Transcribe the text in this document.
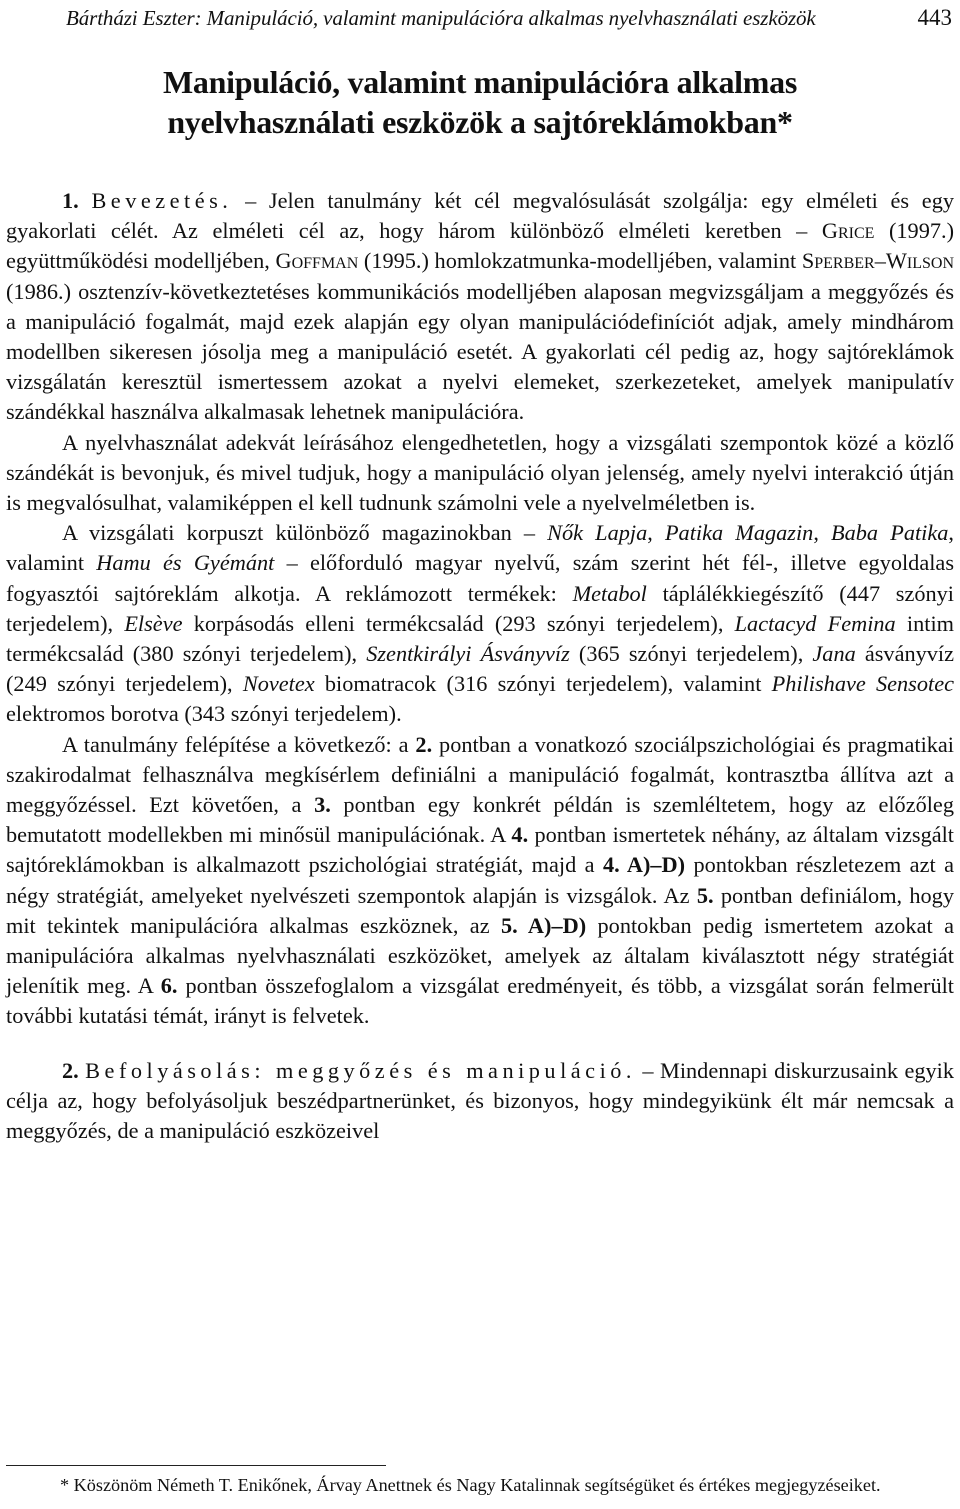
Bártházi Eszter: Manipuláció, valamint manipulációra alkalmas nyelvhasználati eszközök	443
Manipuláció, valamint manipulációra alkalmas
nyelvhasználati eszközök a sajtóreklámokban*

1. Bevezetés. – Jelen tanulmány két cél megvalósulását szolgálja: egy elméleti és egy gyakorlati célét. Az elméleti cél az, hogy három különböző elméleti keretben – Grice (1997.) együttműködési modelljében, Goffman (1995.) homlokzatmunka-modelljében, valamint Sperber–Wilson (1986.) osztenzív-következtetéses kommunikációs modelljében alaposan megvizsgáljam a meggyőzés és a manipuláció fogalmát, majd ezek alapján egy olyan manipulációdefiníciót adjak, amely mindhárom modellben sikeresen jósolja meg a manipuláció esetét. A gyakorlati cél pedig az, hogy sajtóreklámok vizsgálatán keresztül ismertessem azokat a nyelvi elemeket, szerkezeteket, amelyek manipulatív szándékkal használva alkalmasak lehetnek manipulációra.

A nyelvhasználat adekvát leírásához elengedhetetlen, hogy a vizsgálati szempontok közé a közlő szándékát is bevonjuk, és mivel tudjuk, hogy a manipuláció olyan jelenség, amely nyelvi interakció útján is megvalósulhat, valamiképpen el kell tudnunk számolni vele a nyelvelméletben is.

A vizsgálati korpuszt különböző magazinokban – Nők Lapja, Patika Magazin, Baba Patika, valamint Hamu és Gyémánt – előforduló magyar nyelvű, szám szerint hét fél-, illetve egyoldalas fogyasztói sajtóreklám alkotja. A reklámozott termékek: Metabol táplálékkiegészítő (447 szónyi terjedelem), Elsève korpásodás elleni termékcsalád (293 szónyi terjedelem), Lactacyd Femina intim termékcsalád (380 szónyi terjedelem), Szentkirályi Ásványvíz (365 szónyi terjedelem), Jana ásványvíz (249 szónyi terjedelem), Novetex biomatracok (316 szónyi terjedelem), valamint Philishave Sensotec elektromos borotva (343 szónyi terjedelem).

A tanulmány felépítése a következő: a 2. pontban a vonatkozó szociálpszichológiai és pragmatikai szakirodalmat felhasználva megkísérlem definiálni a manipuláció fogalmát, kontrasztba állítva azt a meggyőzéssel. Ezt követően, a 3. pontban egy konkrét példán is szemléltetem, hogy az előzőleg bemutatott modellekben mi minősül manipulációnak. A 4. pontban ismertetek néhány, az általam vizsgált sajtóreklámokban is alkalmazott pszichológiai stratégiát, majd a 4. A)–D) pontokban részletezem azt a négy stratégiát, amelyeket nyelvészeti szempontok alapján is vizsgálok. Az 5. pontban definiálom, hogy mit tekintek manipulációra alkalmas eszköznek, az 5. A)–D) pontokban pedig ismertetem azokat a manipulációra alkalmas nyelvhasználati eszközöket, amelyek az általam kiválasztott négy stratégiát jelenítik meg. A 6. pontban összefoglalom a vizsgálat eredményeit, és több, a vizsgálat során felmerült további kutatási témát, irányt is felvetek.

2. Befolyásolás: meggyőzés és manipuláció. – Mindennapi diskurzusaink egyik célja az, hogy befolyásoljuk beszédpartnerünket, és bizonyos, hogy mindegyikünk élt már nemcsak a meggyőzés, de a manipuláció eszközeivel

* Köszönöm Németh T. Enikőnek, Árvay Anettnek és Nagy Katalinnak segítségüket és értékes megjegyzéseiket.
